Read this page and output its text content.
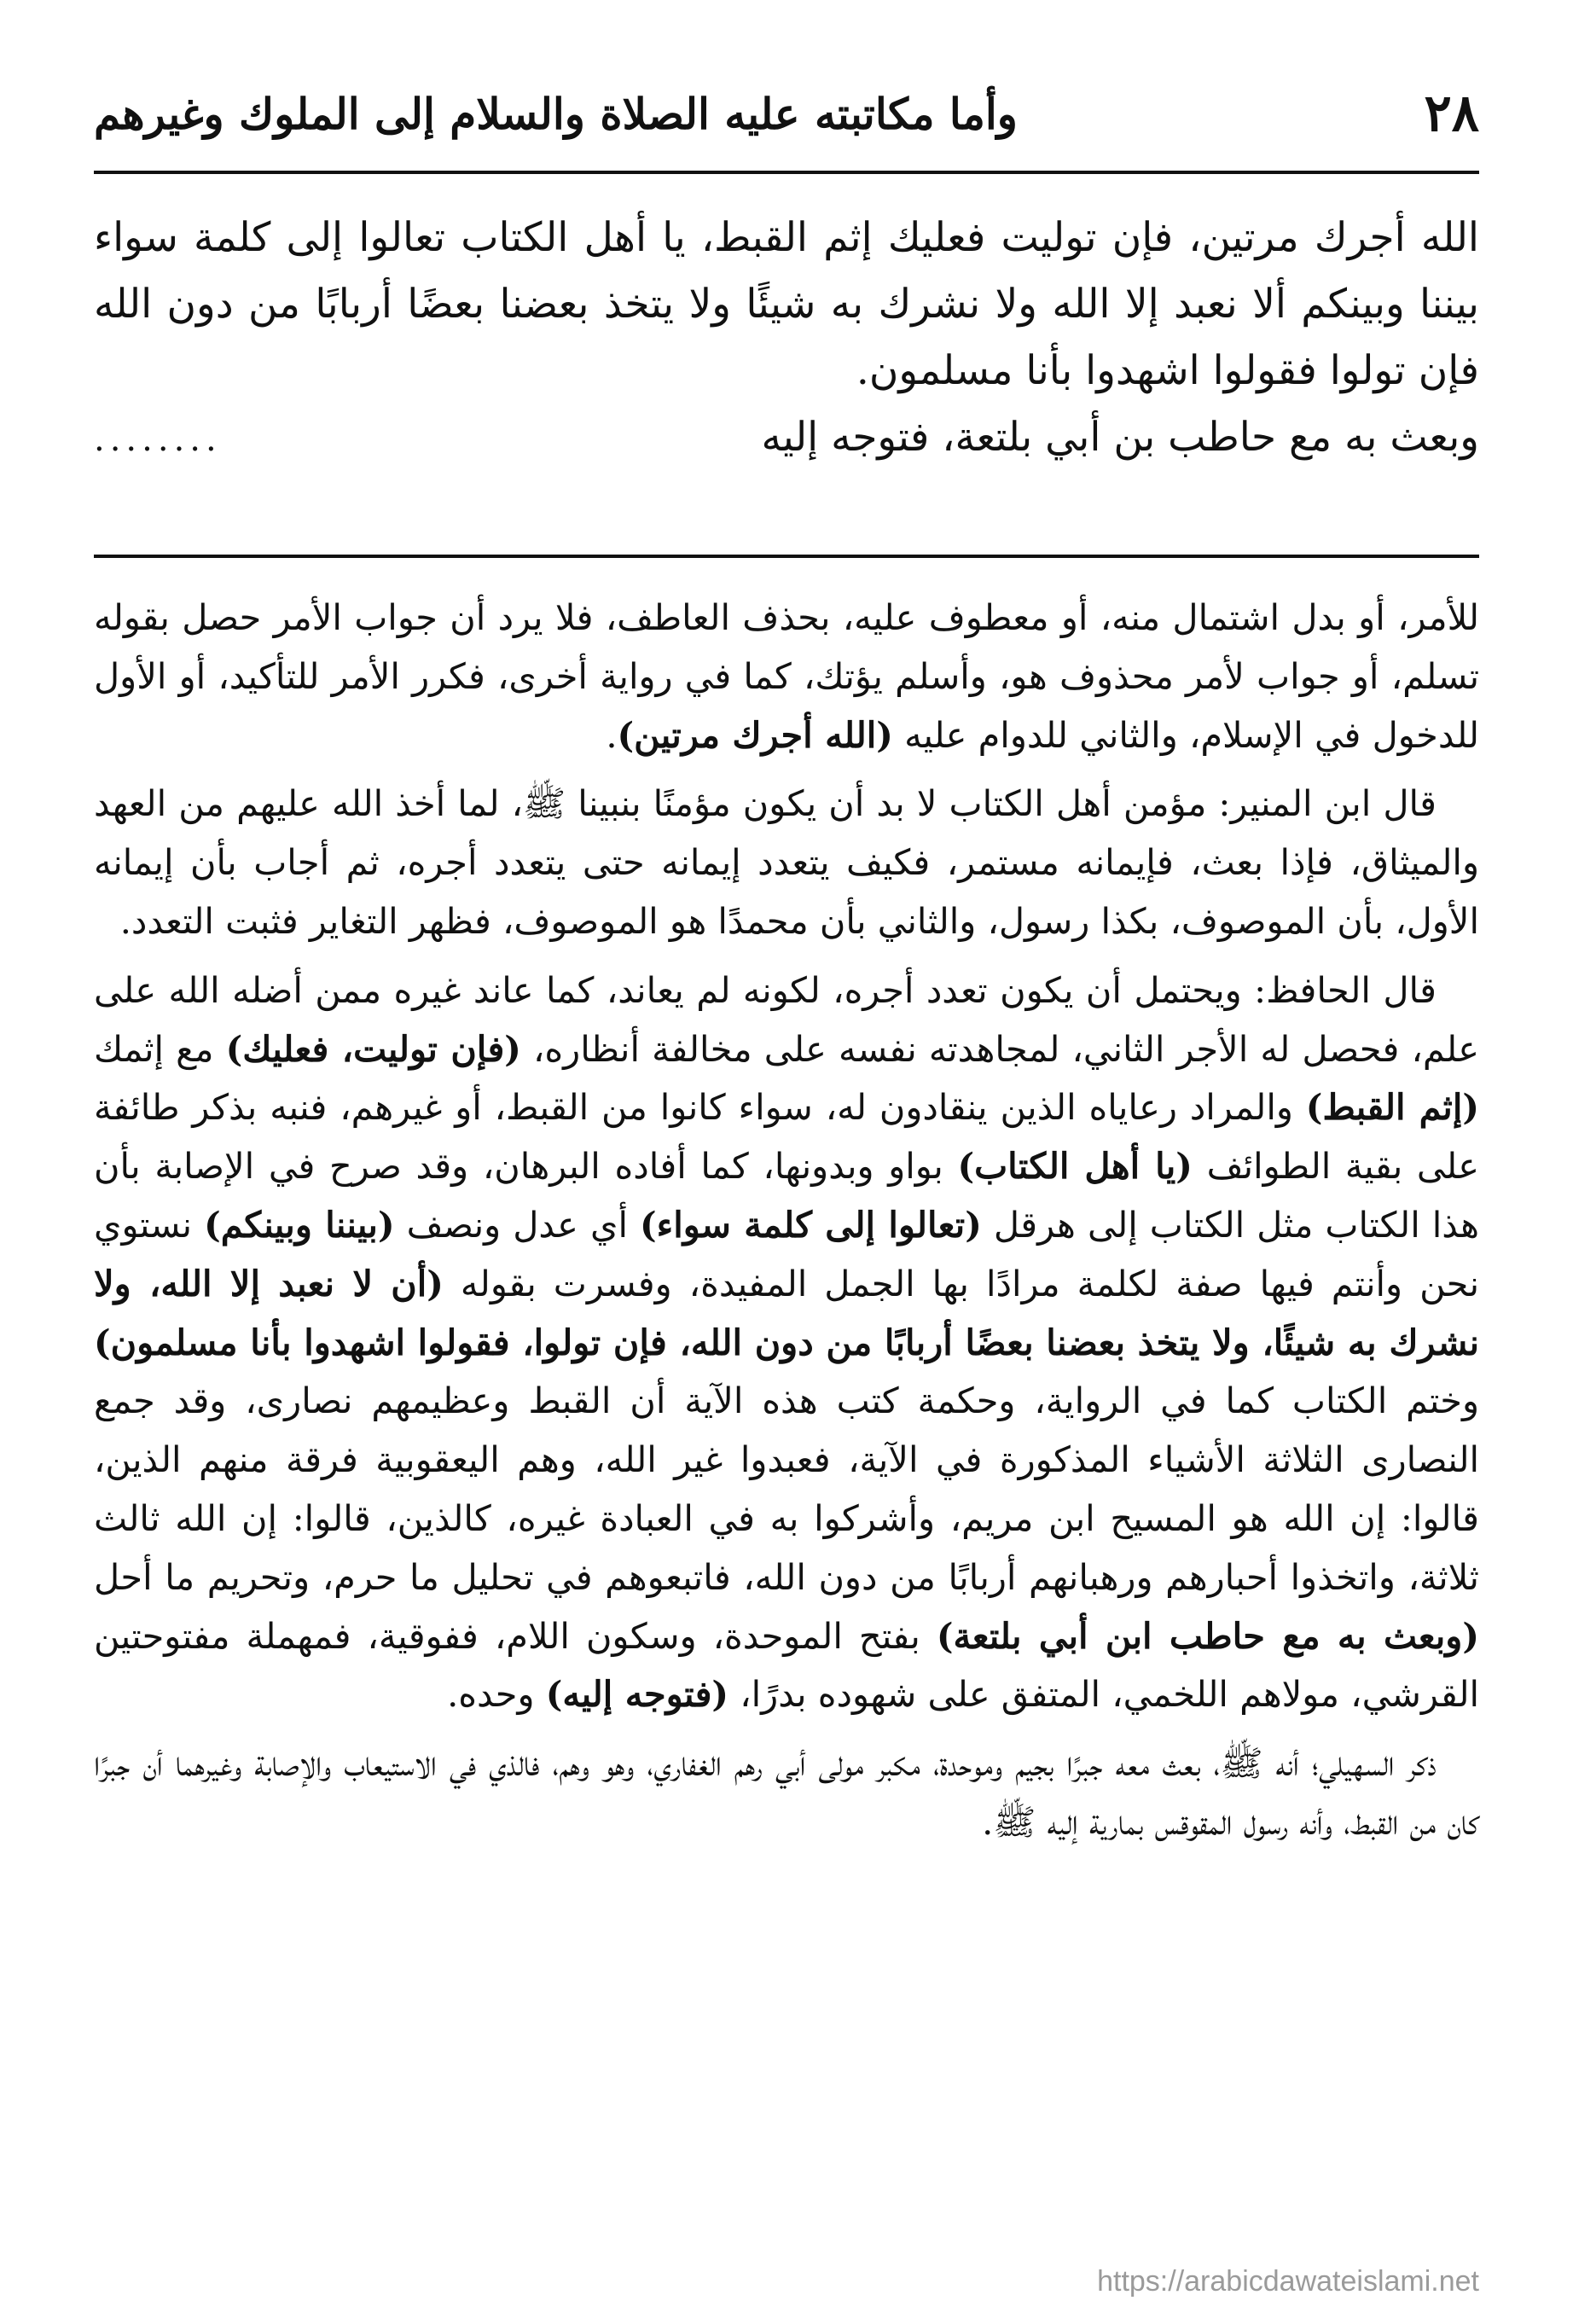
٢٨
وأما مكاتبته عليه الصلاة والسلام إلى الملوك وغيرهم

الله أجرك مرتين، فإن توليت فعليك إثم القبط، يا أهل الكتاب تعالوا إلى كلمة سواء بيننا وبينكم ألا نعبد إلا الله ولا نشرك به شيئًا ولا يتخذ بعضنا بعضًا أربابًا من دون الله فإن تولوا فقولوا اشهدوا بأنا مسلمون.

وبعث به مع حاطب بن أبي بلتعة، فتوجه إليه
........

للأمر، أو بدل اشتمال منه، أو معطوف عليه، بحذف العاطف، فلا يرد أن جواب الأمر حصل بقوله تسلم، أو جواب لأمر محذوف هو، وأسلم يؤتك، كما في رواية أخرى، فكرر الأمر للتأكيد، أو الأول للدخول في الإسلام، والثاني للدوام عليه (الله أجرك مرتين).

قال ابن المنير: مؤمن أهل الكتاب لا بد أن يكون مؤمنًا بنبينا ﷺ، لما أخذ الله عليهم من العهد والميثاق، فإذا بعث، فإيمانه مستمر، فكيف يتعدد إيمانه حتى يتعدد أجره، ثم أجاب بأن إيمانه الأول، بأن الموصوف، بكذا رسول، والثاني بأن محمدًا هو الموصوف، فظهر التغاير فثبت التعدد.

قال الحافظ: ويحتمل أن يكون تعدد أجره، لكونه لم يعاند، كما عاند غيره ممن أضله الله على علم، فحصل له الأجر الثاني، لمجاهدته نفسه على مخالفة أنظاره، (فإن توليت، فعليك) مع إثمك (إثم القبط) والمراد رعاياه الذين ينقادون له، سواء كانوا من القبط، أو غيرهم، فنبه بذكر طائفة على بقية الطوائف (يا أهل الكتاب) بواو وبدونها، كما أفاده البرهان، وقد صرح في الإصابة بأن هذا الكتاب مثل الكتاب إلى هرقل (تعالوا إلى كلمة سواء) أي عدل ونصف (بيننا وبينكم) نستوي نحن وأنتم فيها صفة لكلمة مرادًا بها الجمل المفيدة، وفسرت بقوله (أن لا نعبد إلا الله، ولا نشرك به شيئًا، ولا يتخذ بعضنا بعضًا أربابًا من دون الله، فإن تولوا، فقولوا اشهدوا بأنا مسلمون) وختم الكتاب كما في الرواية، وحكمة كتب هذه الآية أن القبط وعظيمهم نصارى، وقد جمع النصارى الثلاثة الأشياء المذكورة في الآية، فعبدوا غير الله، وهم اليعقوبية فرقة منهم الذين، قالوا: إن الله هو المسيح ابن مريم، وأشركوا به في العبادة غيره، كالذين، قالوا: إن الله ثالث ثلاثة، واتخذوا أحبارهم ورهبانهم أربابًا من دون الله، فاتبعوهم في تحليل ما حرم، وتحريم ما أحل (وبعث به مع حاطب ابن أبي بلتعة) بفتح الموحدة، وسكون اللام، ففوقية، فمهملة مفتوحتين القرشي، مولاهم اللخمي، المتفق على شهوده بدرًا، (فتوجه إليه) وحده.

ذكر السهيلي؛ أنه ﷺ، بعث معه جبرًا بجيم وموحدة، مكبر مولى أبي رهم الغفاري، وهو وهم، فالذي في الاستيعاب والإصابة وغيرهما أن جبرًا كان من القبط، وأنه رسول المقوقس بمارية إليه ﷺ.

https://arabicdawateislami.net
